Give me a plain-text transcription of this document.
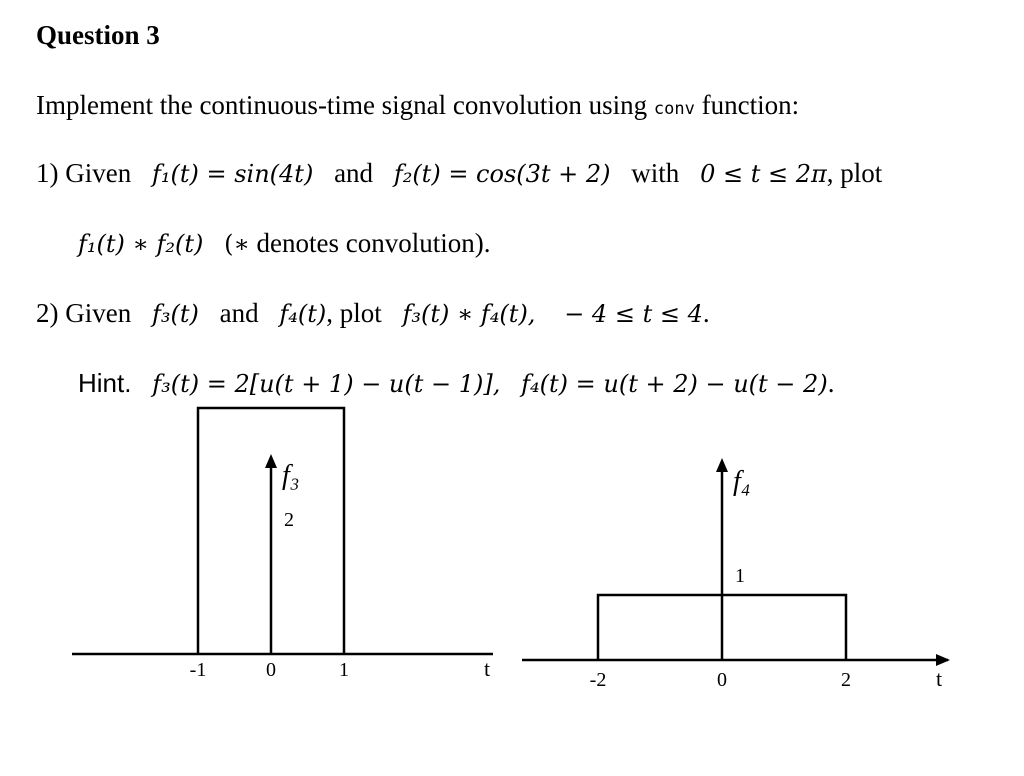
Question 3
Implement the continuous-time signal convolution using conv function:
1) Given f₁(t) = sin(4t) and f₂(t) = cos(3t + 2) with 0 ≤ t ≤ 2π, plot
f₁(t) ∗ f₂(t) (∗ denotes convolution).
2) Given f₃(t) and f₄(t), plot f₃(t) ∗ f₄(t), − 4 ≤ t ≤ 4.
Hint. f₃(t) = 2[u(t + 1) − u(t − 1)], f₄(t) = u(t + 2) − u(t − 2).
-1	0	1
2
f₃
t	-2	0	2
1
f₄
t
